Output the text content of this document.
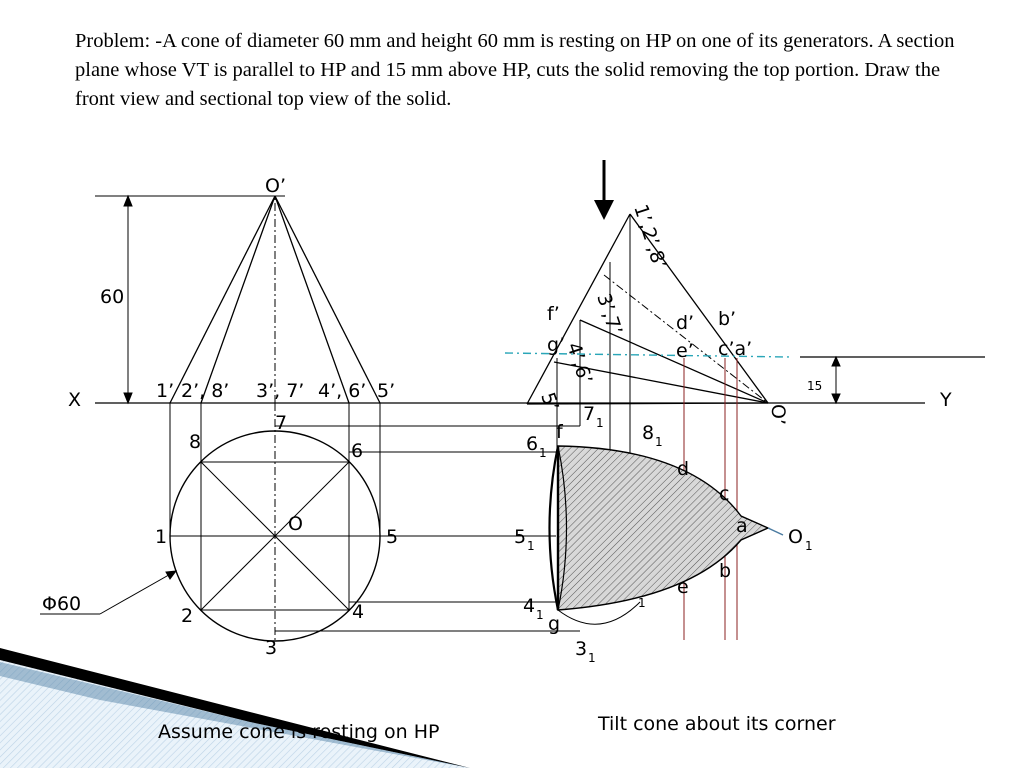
Problem: -A cone of diameter 60 mm and height 60 mm is resting on HP on one of its generators. A section plane whose VT is parallel to HP and 15 mm above HP, cuts the solid removing the top portion. Draw the front view and sectional top view of the solid.

O’
60
X	Y
Φ60
1’ 2’, 8’ 3’, 7’ 4’, 6’ 5’
O
1
2
3
4
5
6
7
8
O’
1’,2’,8’
3’,7’
4’,6’
5’
f’
g’
d’
e’
b’
c’a’
15
7 1 8 1
6 1
5 1
4 1
3 1
O 1
1
f
d
c
a
b
e
g
Assume cone is resting on HP	Tilt cone about its corner
